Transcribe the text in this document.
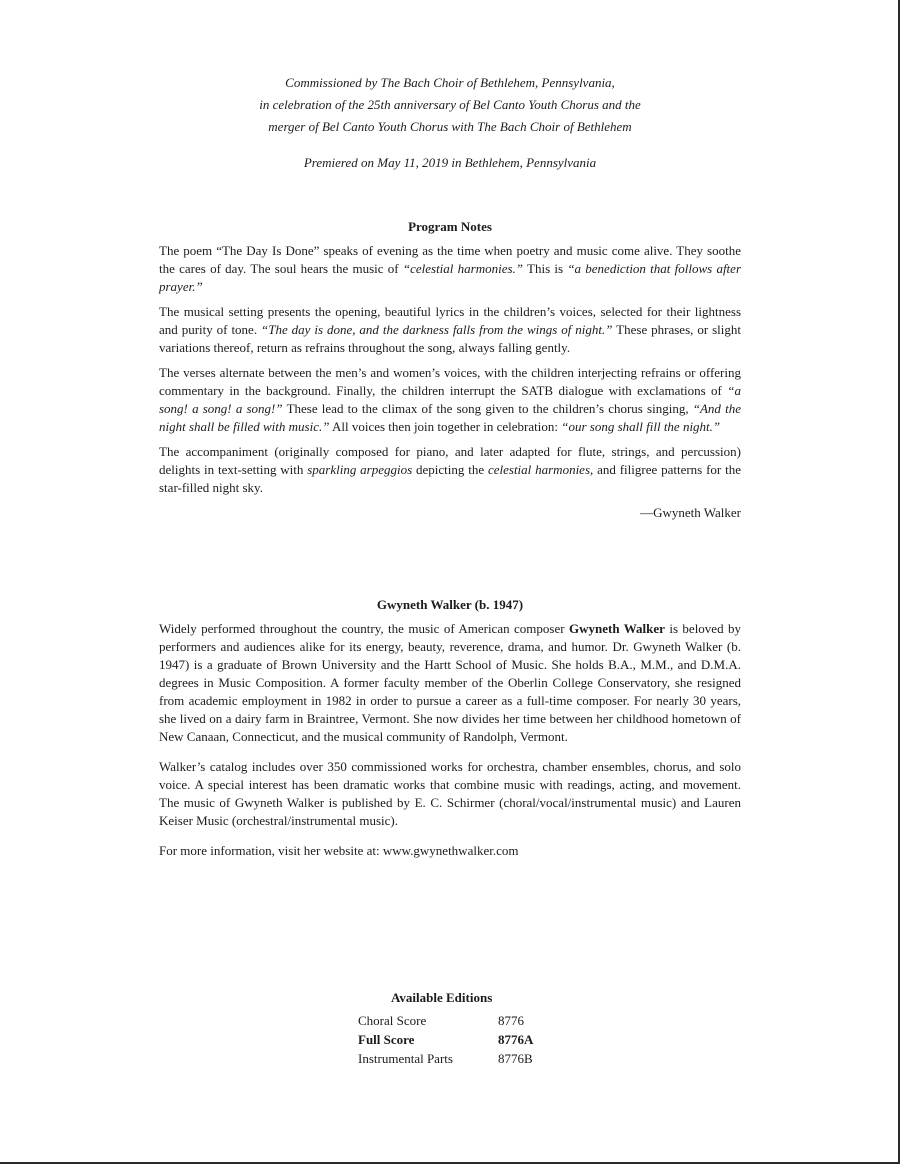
Commissioned by The Bach Choir of Bethlehem, Pennsylvania,
in celebration of the 25th anniversary of Bel Canto Youth Chorus and the
merger of Bel Canto Youth Chorus with The Bach Choir of Bethlehem
Premiered on May 11, 2019 in Bethlehem, Pennsylvania
Program Notes

The poem “The Day Is Done” speaks of evening as the time when poetry and music come alive. They soothe the cares of day. The soul hears the music of “celestial harmonies.” This is “a benediction that follows after prayer.”

The musical setting presents the opening, beautiful lyrics in the children’s voices, selected for their lightness and purity of tone. “The day is done, and the darkness falls from the wings of night.” These phrases, or slight variations thereof, return as refrains throughout the song, always falling gently.

The verses alternate between the men’s and women’s voices, with the children interjecting refrains or offering commentary in the background. Finally, the children interrupt the SATB dialogue with exclamations of “a song! a song! a song!” These lead to the climax of the song given to the children’s chorus singing, “And the night shall be filled with music.” All voices then join together in celebration: “our song shall fill the night.”

The accompaniment (originally composed for piano, and later adapted for flute, strings, and percussion) delights in text-setting with sparkling arpeggios depicting the celestial harmonies, and filigree patterns for the star-filled night sky.

—Gwyneth Walker

Gwyneth Walker (b. 1947)

Widely performed throughout the country, the music of American composer Gwyneth Walker is beloved by performers and audiences alike for its energy, beauty, reverence, drama, and humor. Dr. Gwyneth Walker (b. 1947) is a graduate of Brown University and the Hartt School of Music. She holds B.A., M.M., and D.M.A. degrees in Music Composition. A former faculty member of the Oberlin College Conservatory, she resigned from academic employment in 1982 in order to pursue a career as a full-time composer. For nearly 30 years, she lived on a dairy farm in Braintree, Vermont. She now divides her time between her childhood hometown of New Canaan, Connecticut, and the musical community of Randolph, Vermont.

Walker’s catalog includes over 350 commissioned works for orchestra, chamber ensembles, chorus, and solo voice. A special interest has been dramatic works that combine music with readings, acting, and movement. The music of Gwyneth Walker is published by E. C. Schirmer (choral/vocal/instrumental music) and Lauren Keiser Music (orchestral/instrumental music).

For more information, visit her website at: www.gwynethwalker.com

Available Editions
Choral Score	8776
Full Score	8776A
Instrumental Parts	8776B
